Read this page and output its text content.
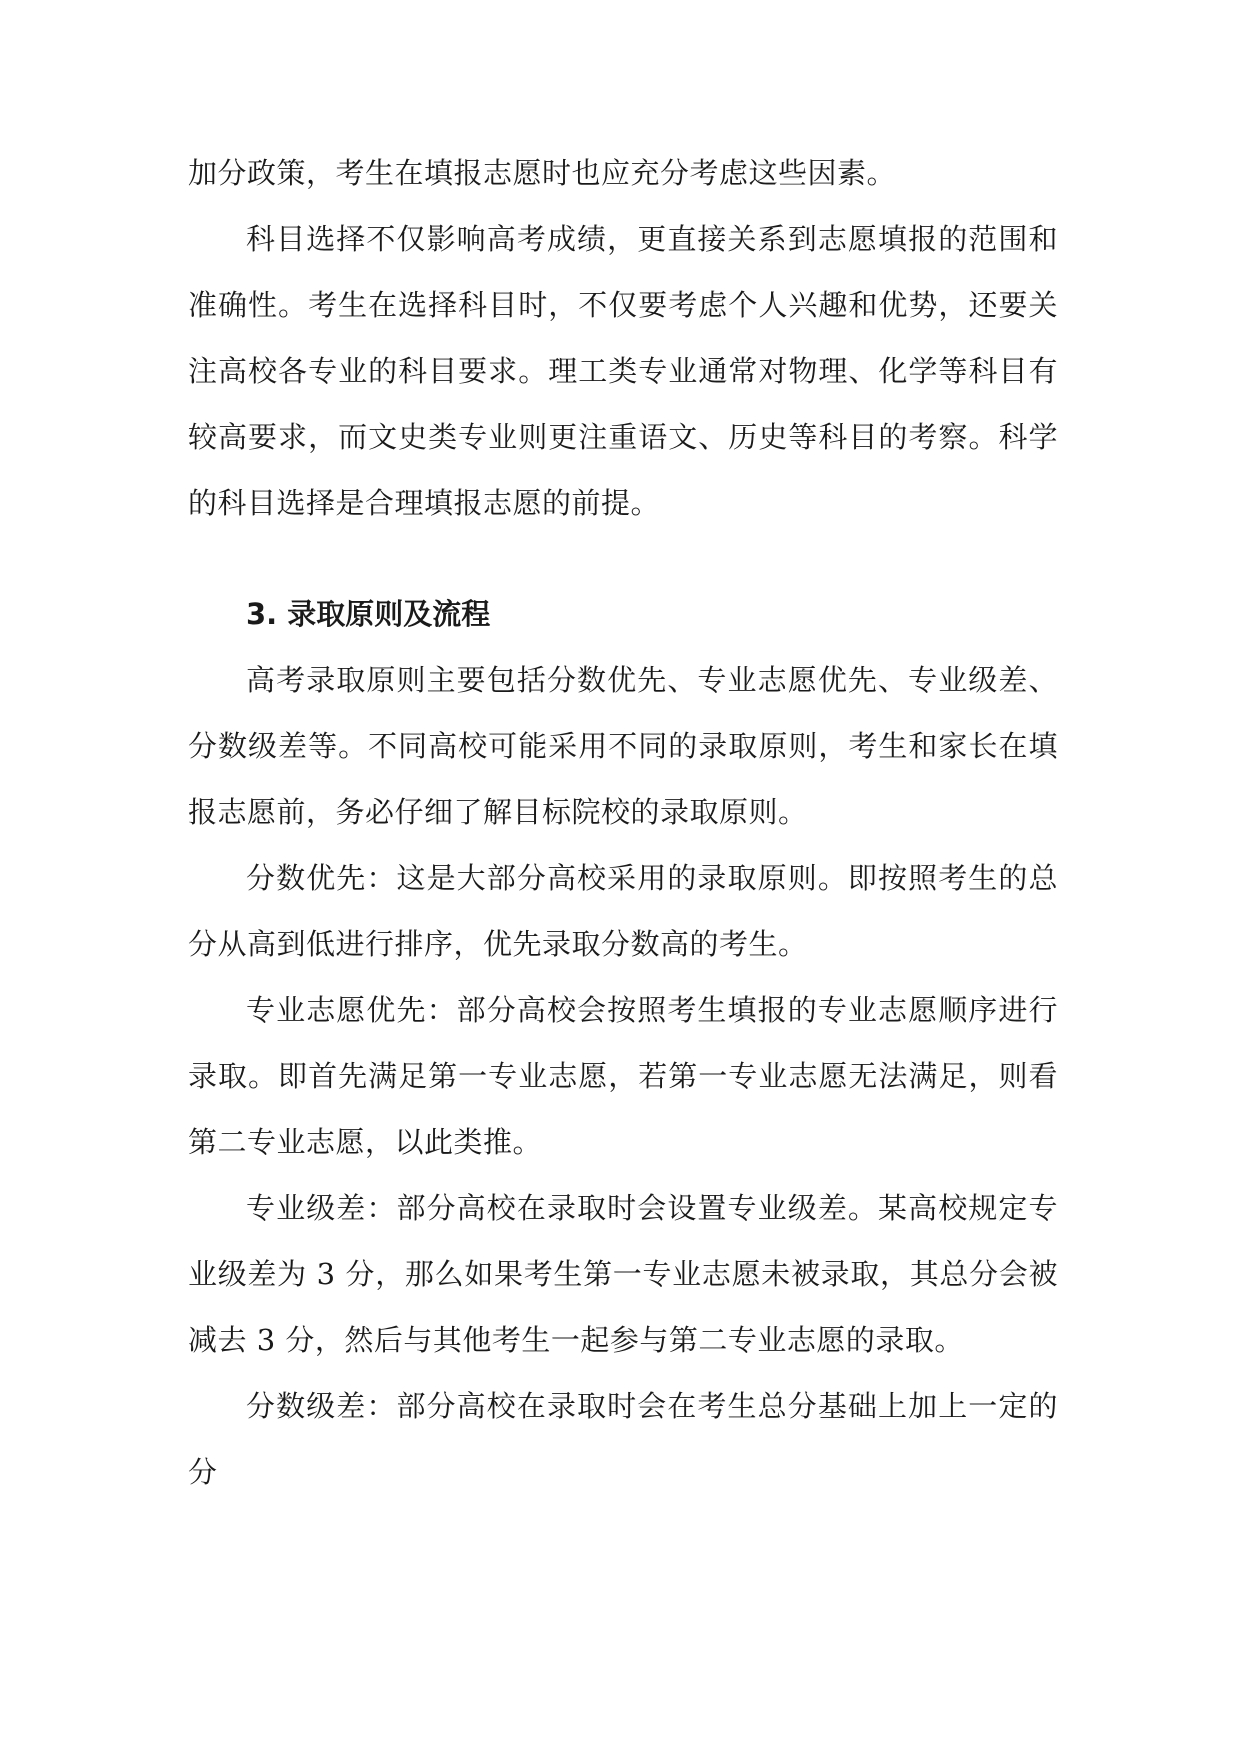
加分政策，考生在填报志愿时也应充分考虑这些因素。

科目选择不仅影响高考成绩，更直接关系到志愿填报的范围和准确性。考生在选择科目时，不仅要考虑个人兴趣和优势，还要关注高校各专业的科目要求。理工类专业通常对物理、化学等科目有较高要求，而文史类专业则更注重语文、历史等科目的考察。科学的科目选择是合理填报志愿的前提。

3. 录取原则及流程

高考录取原则主要包括分数优先、专业志愿优先、专业级差、分数级差等。不同高校可能采用不同的录取原则，考生和家长在填报志愿前，务必仔细了解目标院校的录取原则。

分数优先：这是大部分高校采用的录取原则。即按照考生的总分从高到低进行排序，优先录取分数高的考生。

专业志愿优先：部分高校会按照考生填报的专业志愿顺序进行录取。即首先满足第一专业志愿，若第一专业志愿无法满足，则看第二专业志愿，以此类推。

专业级差：部分高校在录取时会设置专业级差。某高校规定专业级差为 3 分，那么如果考生第一专业志愿未被录取，其总分会被减去 3 分，然后与其他考生一起参与第二专业志愿的录取。

分数级差：部分高校在录取时会在考生总分基础上加上一定的分
